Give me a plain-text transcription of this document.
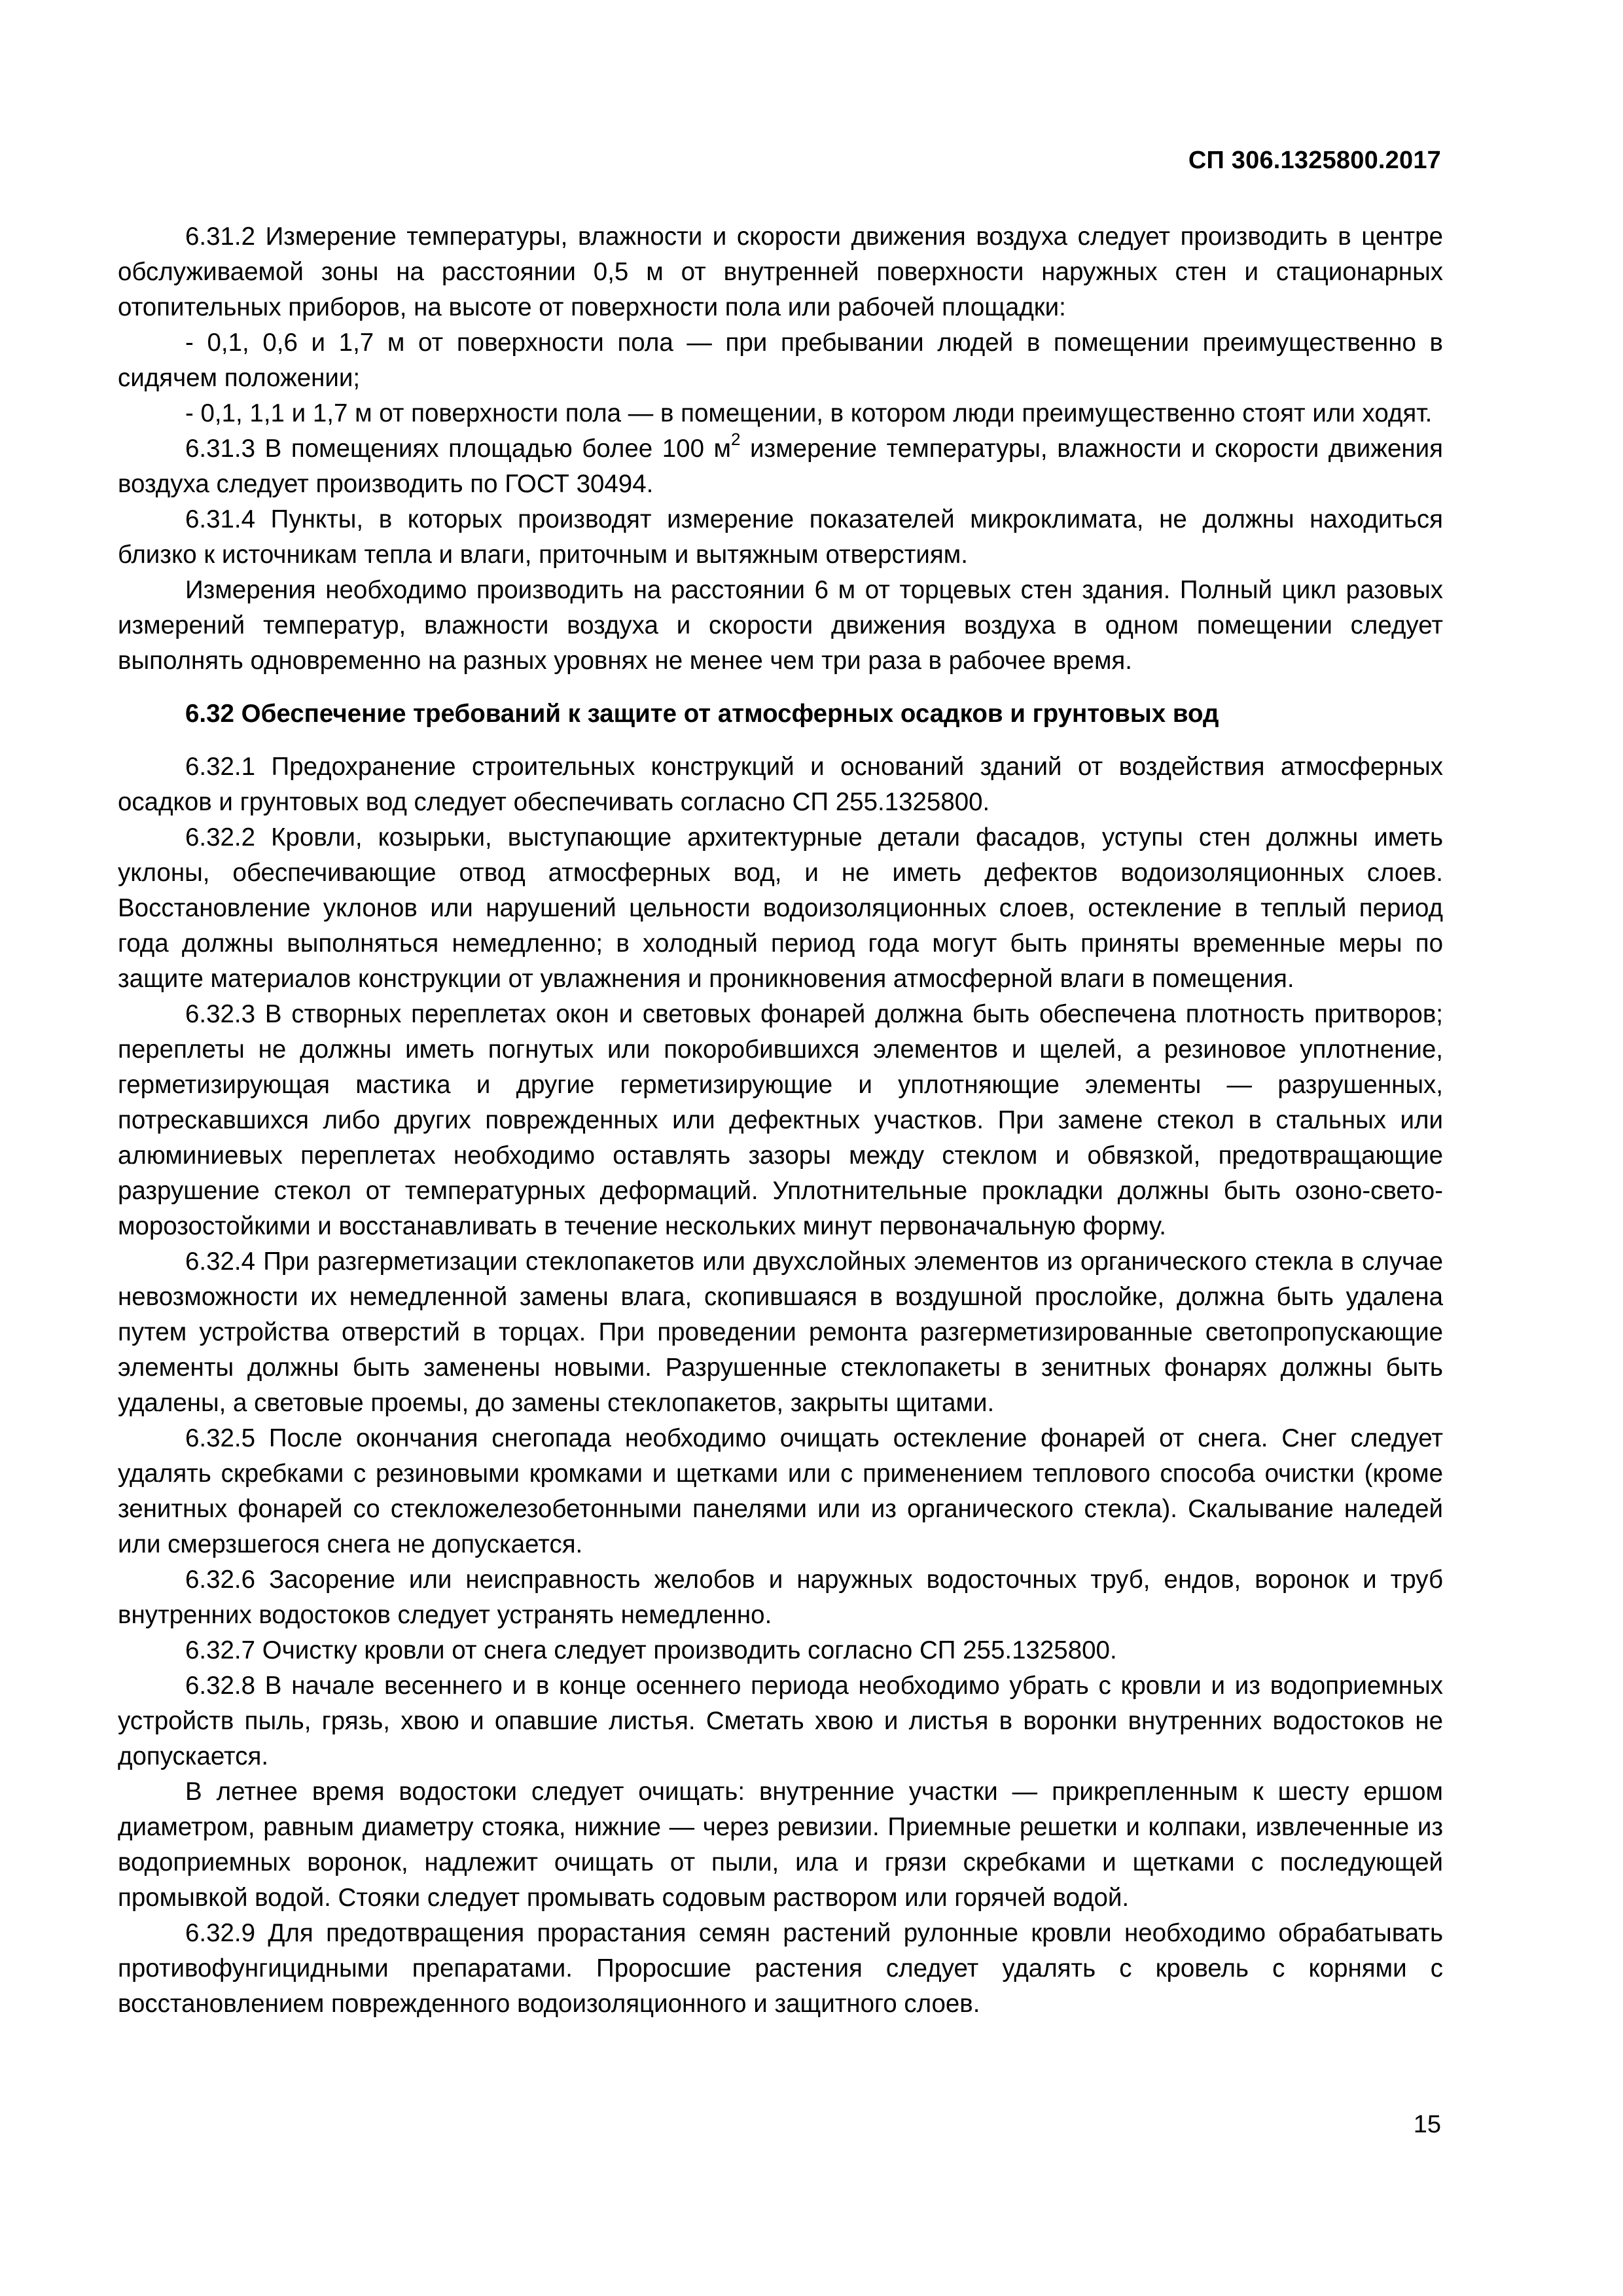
СП 306.1325800.2017

6.31.2 Измерение температуры, влажности и скорости движения воздуха следует производить в центре обслуживаемой зоны на расстоянии 0,5 м от внутренней поверхности наружных стен и стационарных отопительных приборов, на высоте от поверхности пола или рабочей площадки:

- 0,1, 0,6 и 1,7 м от поверхности пола — при пребывании людей в помещении преимущественно в сидячем положении;

- 0,1, 1,1 и 1,7 м от поверхности пола — в помещении, в котором люди преимущественно стоят или ходят.

6.31.3 В помещениях площадью более 100 $м^2$ измерение температуры, влажности и скорости движения воздуха следует производить по ГОСТ 30494.

6.31.4 Пункты, в которых производят измерение показателей микроклимата, не должны находиться близко к источникам тепла и влаги, приточным и вытяжным отверстиям.

Измерения необходимо производить на расстоянии 6 м от торцевых стен здания. Полный цикл разовых измерений температур, влажности воздуха и скорости движения воздуха в одном помещении следует выполнять одновременно на разных уровнях не менее чем три раза в рабочее время.

6.32 Обеспечение требований к защите от атмосферных осадков и грунтовых вод

6.32.1 Предохранение строительных конструкций и оснований зданий от воздействия атмосферных осадков и грунтовых вод следует обеспечивать согласно СП 255.1325800.

6.32.2 Кровли, козырьки, выступающие архитектурные детали фасадов, уступы стен должны иметь уклоны, обеспечивающие отвод атмосферных вод, и не иметь дефектов водоизоляционных слоев. Восстановление уклонов или нарушений цельности водоизоляционных слоев, остекление в теплый период года должны выполняться немедленно; в холодный период года могут быть приняты временные меры по защите материалов конструкции от увлажнения и проникновения атмосферной влаги в помещения.

6.32.3 В створных переплетах окон и световых фонарей должна быть обеспечена плотность притворов; переплеты не должны иметь погнутых или покоробившихся элементов и щелей, а резиновое уплотнение, герметизирующая мастика и другие герметизирующие и уплотняющие элементы — разрушенных, потрескавшихся либо других поврежденных или дефектных участков. При замене стекол в стальных или алюминиевых переплетах необходимо оставлять зазоры между стеклом и обвязкой, предотвращающие разрушение стекол от температурных деформаций. Уплотнительные прокладки должны быть озоно-свето-морозостойкими и восстанавливать в течение нескольких минут первоначальную форму.

6.32.4 При разгерметизации стеклопакетов или двухслойных элементов из органического стекла в случае невозможности их немедленной замены влага, скопившаяся в воздушной прослойке, должна быть удалена путем устройства отверстий в торцах. При проведении ремонта разгерметизированные светопропускающие элементы должны быть заменены новыми. Разрушенные стеклопакеты в зенитных фонарях должны быть удалены, а световые проемы, до замены стеклопакетов, закрыты щитами.

6.32.5 После окончания снегопада необходимо очищать остекление фонарей от снега. Снег следует удалять скребками с резиновыми кромками и щетками или с применением теплового способа очистки (кроме зенитных фонарей со стекложелезобетонными панелями или из органического стекла). Скалывание наледей или смерзшегося снега не допускается.

6.32.6 Засорение или неисправность желобов и наружных водосточных труб, ендов, воронок и труб внутренних водостоков следует устранять немедленно.

6.32.7 Очистку кровли от снега следует производить согласно СП 255.1325800.

6.32.8 В начале весеннего и в конце осеннего периода необходимо убрать с кровли и из водоприемных устройств пыль, грязь, хвою и опавшие листья. Сметать хвою и листья в воронки внутренних водостоков не допускается.

В летнее время водостоки следует очищать: внутренние участки — прикрепленным к шесту ершом диаметром, равным диаметру стояка, нижние — через ревизии. Приемные решетки и колпаки, извлеченные из водоприемных воронок, надлежит очищать от пыли, ила и грязи скребками и щетками с последующей промывкой водой. Стояки следует промывать содовым раствором или горячей водой.

6.32.9 Для предотвращения прорастания семян растений рулонные кровли необходимо обрабатывать противофунгицидными препаратами. Проросшие растения следует удалять с кровель с корнями с восстановлением поврежденного водоизоляционного и защитного слоев.

15
